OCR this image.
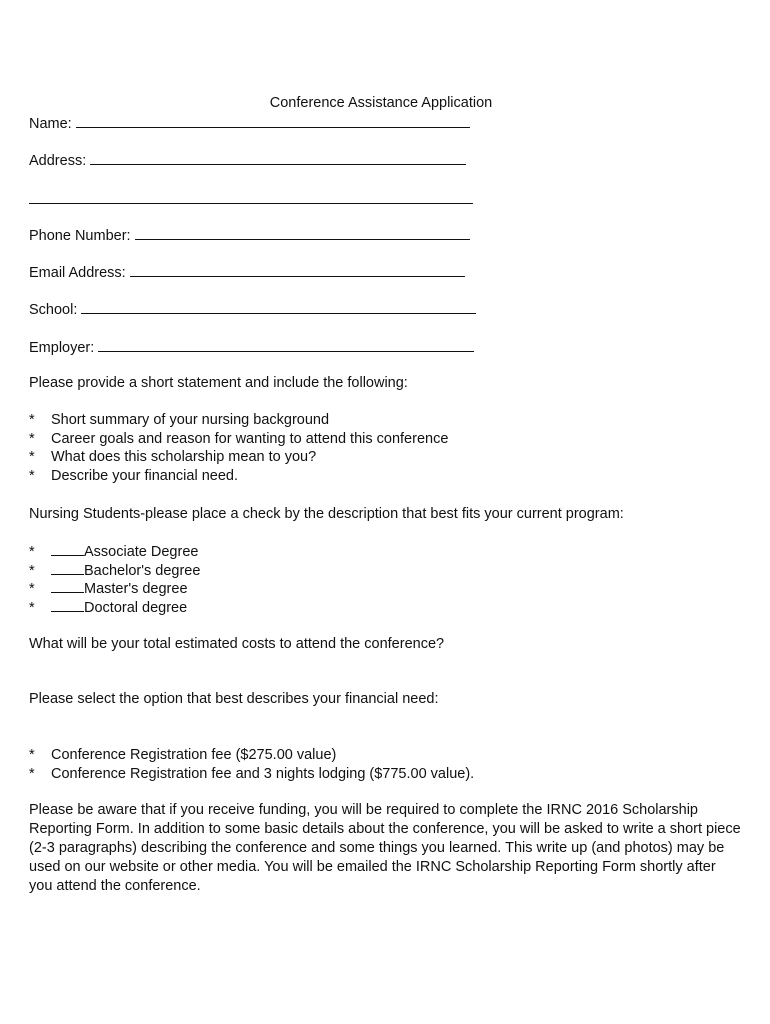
Conference Assistance Application
Name:
Address:
Phone Number:
Email Address:
School:
Employer:
Please provide a short statement and include the following:
* Short summary of your nursing background
* Career goals and reason for wanting to attend this conference
* What does this scholarship mean to you?
* Describe your financial need.
Nursing Students-please place a check by the description that best fits your current program:
*	Associate Degree
*	Bachelor's degree
*	Master's degree
*	Doctoral degree
What will be your total estimated costs to attend the conference?
Please select the option that best describes your financial need:
* Conference Registration fee ($275.00 value)
* Conference Registration fee and 3 nights lodging ($775.00 value).
Please be aware that if you receive funding, you will be required to complete the IRNC 2016 Scholarship Reporting Form. In addition to some basic details about the conference, you will be asked to write a short piece (2-3 paragraphs) describing the conference and some things you learned. This write up (and photos) may be used on our website or other media. You will be emailed the IRNC Scholarship Reporting Form shortly after you attend the conference.
